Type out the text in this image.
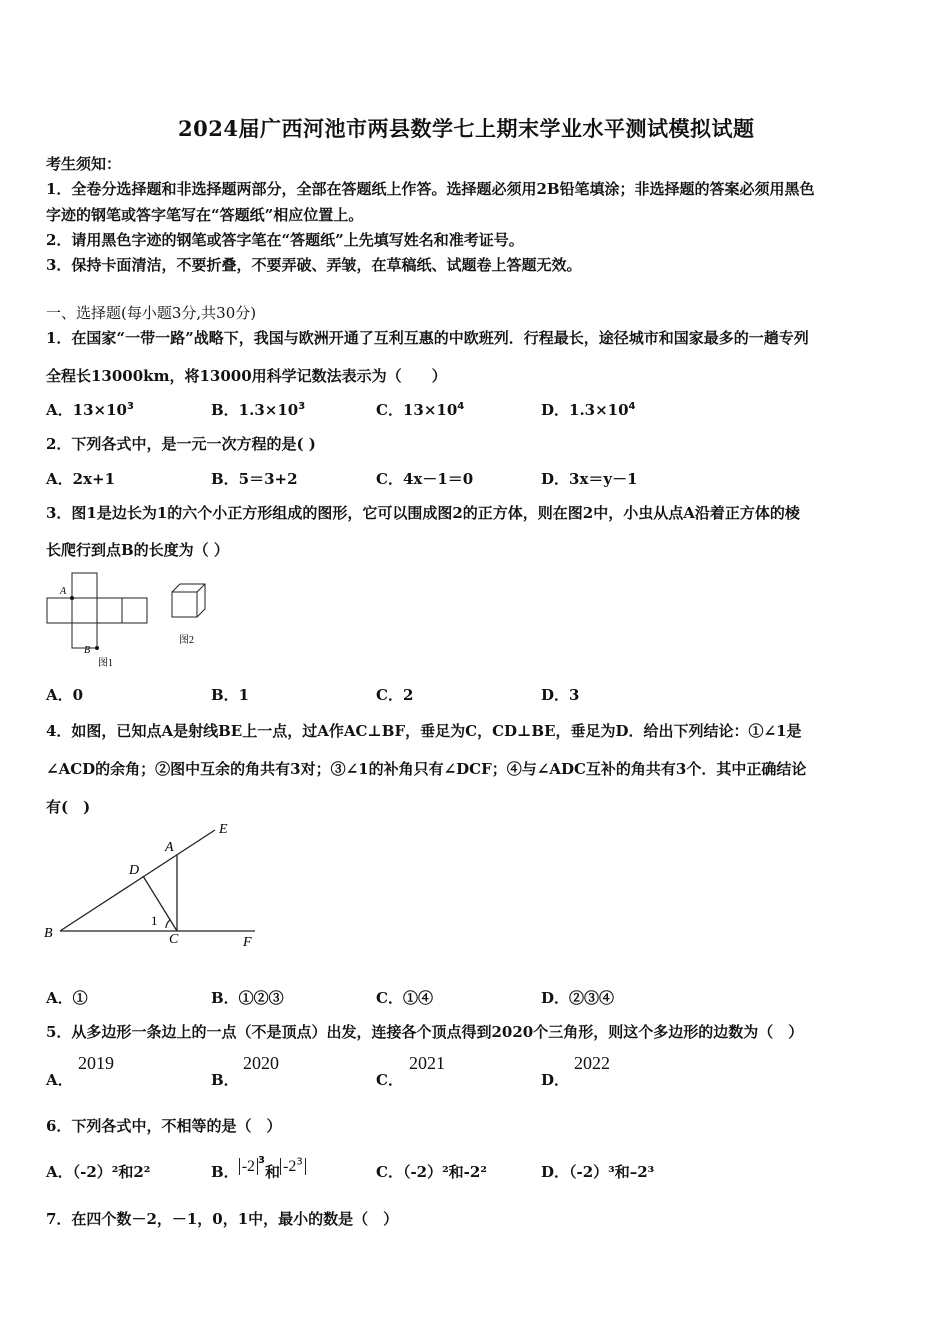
2024届广西河池市两县数学七上期末学业水平测试模拟试题
考生须知：
1．全卷分选择题和非选择题两部分，全部在答题纸上作答。选择题必须用2B铅笔填涂；非选择题的答案必须用黑色
字迹的钢笔或答字笔写在“答题纸”相应位置上。
2．请用黑色字迹的钢笔或答字笔在“答题纸”上先填写姓名和准考证号。
3．保持卡面清洁，不要折叠，不要弄破、弄皱，在草稿纸、试题卷上答题无效。
一、选择题(每小题3分,共30分)
1．在国家“一带一路”战略下，我国与欧洲开通了互利互惠的中欧班列．行程最长，途径城市和国家最多的一趟专列
全程长13000km，将13000用科学记数法表示为（　　）
A．$13\times 10^3$	B．$1.3\times 10^3$	C．$13\times 10^4$	D．$1.3\times 10^4$
2．下列各式中，是一元一次方程的是( )
A．2x+1	B．5＝3+2	C．4x－1＝0	D．3x＝y－1
3．图1是边长为1的六个小正方形组成的图形，它可以围成图2的正方体，则在图2中，小虫从点A沿着正方体的棱
长爬行到点B的长度为（ ）
A
B
图1
图2
A．0	B．1	C．2	D．3
4．如图，已知点A是射线BE上一点，过A作AC⊥BF，垂足为C，CD⊥BE，垂足为D．给出下列结论：①∠1是
∠ACD的余角；②图中互余的角共有3对；③∠1的补角只有∠DCF；④与∠ADC互补的角共有3个．其中正确结论
有(　)
E
A
D
B	C	F
1
A．①	B．①②③	C．①④	D．②③④
5．从多边形一条边上的一点（不是顶点）出发，连接各个顶点得到2020个三角形，则这个多边形的边数为（　）
A．
2019
B．
2020
C．
2021
D．
2022
6．下列各式中，不相等的是（　）
A．（-2）²和2²	B． -2 $^3$和 $-2^3$
C．（-2）²和-2²	D．（-2）³和–2³
7．在四个数－2，－1，0，1中，最小的数是（　）
